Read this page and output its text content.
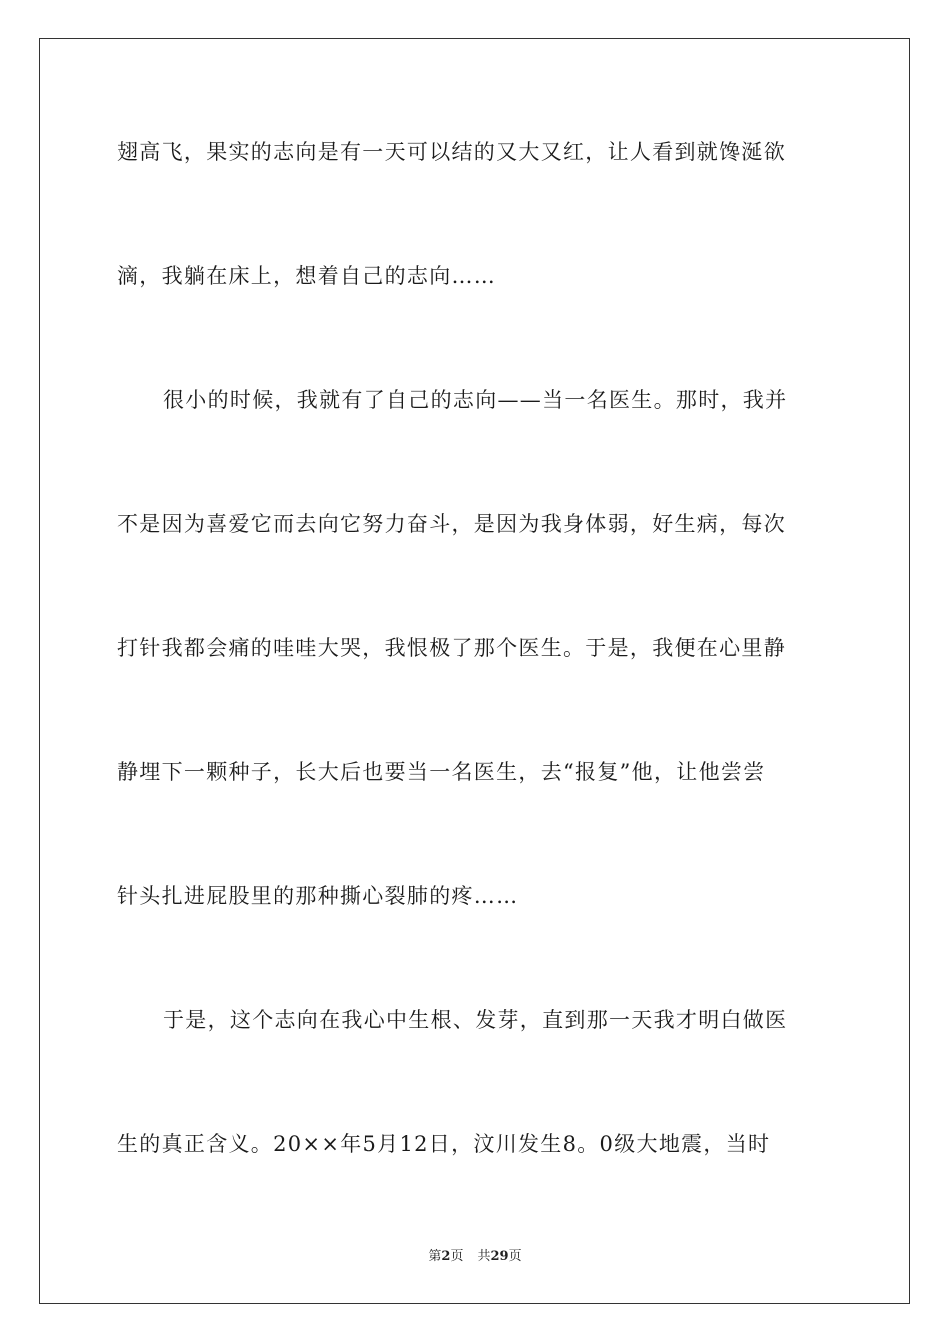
翅高飞，果实的志向是有一天可以结的又大又红，让人看到就馋涎欲
滴，我躺在床上，想着自己的志向……
很小的时候，我就有了自己的志向——当一名医生。那时，我并
不是因为喜爱它而去向它努力奋斗，是因为我身体弱，好生病，每次
打针我都会痛的哇哇大哭，我恨极了那个医生。于是，我便在心里静
静埋下一颗种子，长大后也要当一名医生，去“报复”他，让他尝尝
针头扎进屁股里的那种撕心裂肺的疼……
于是，这个志向在我心中生根、发芽，直到那一天我才明白做医
生的真正含义。20××年5月12日，汶川发生8。0级大地震，当时
第2页 共29页
